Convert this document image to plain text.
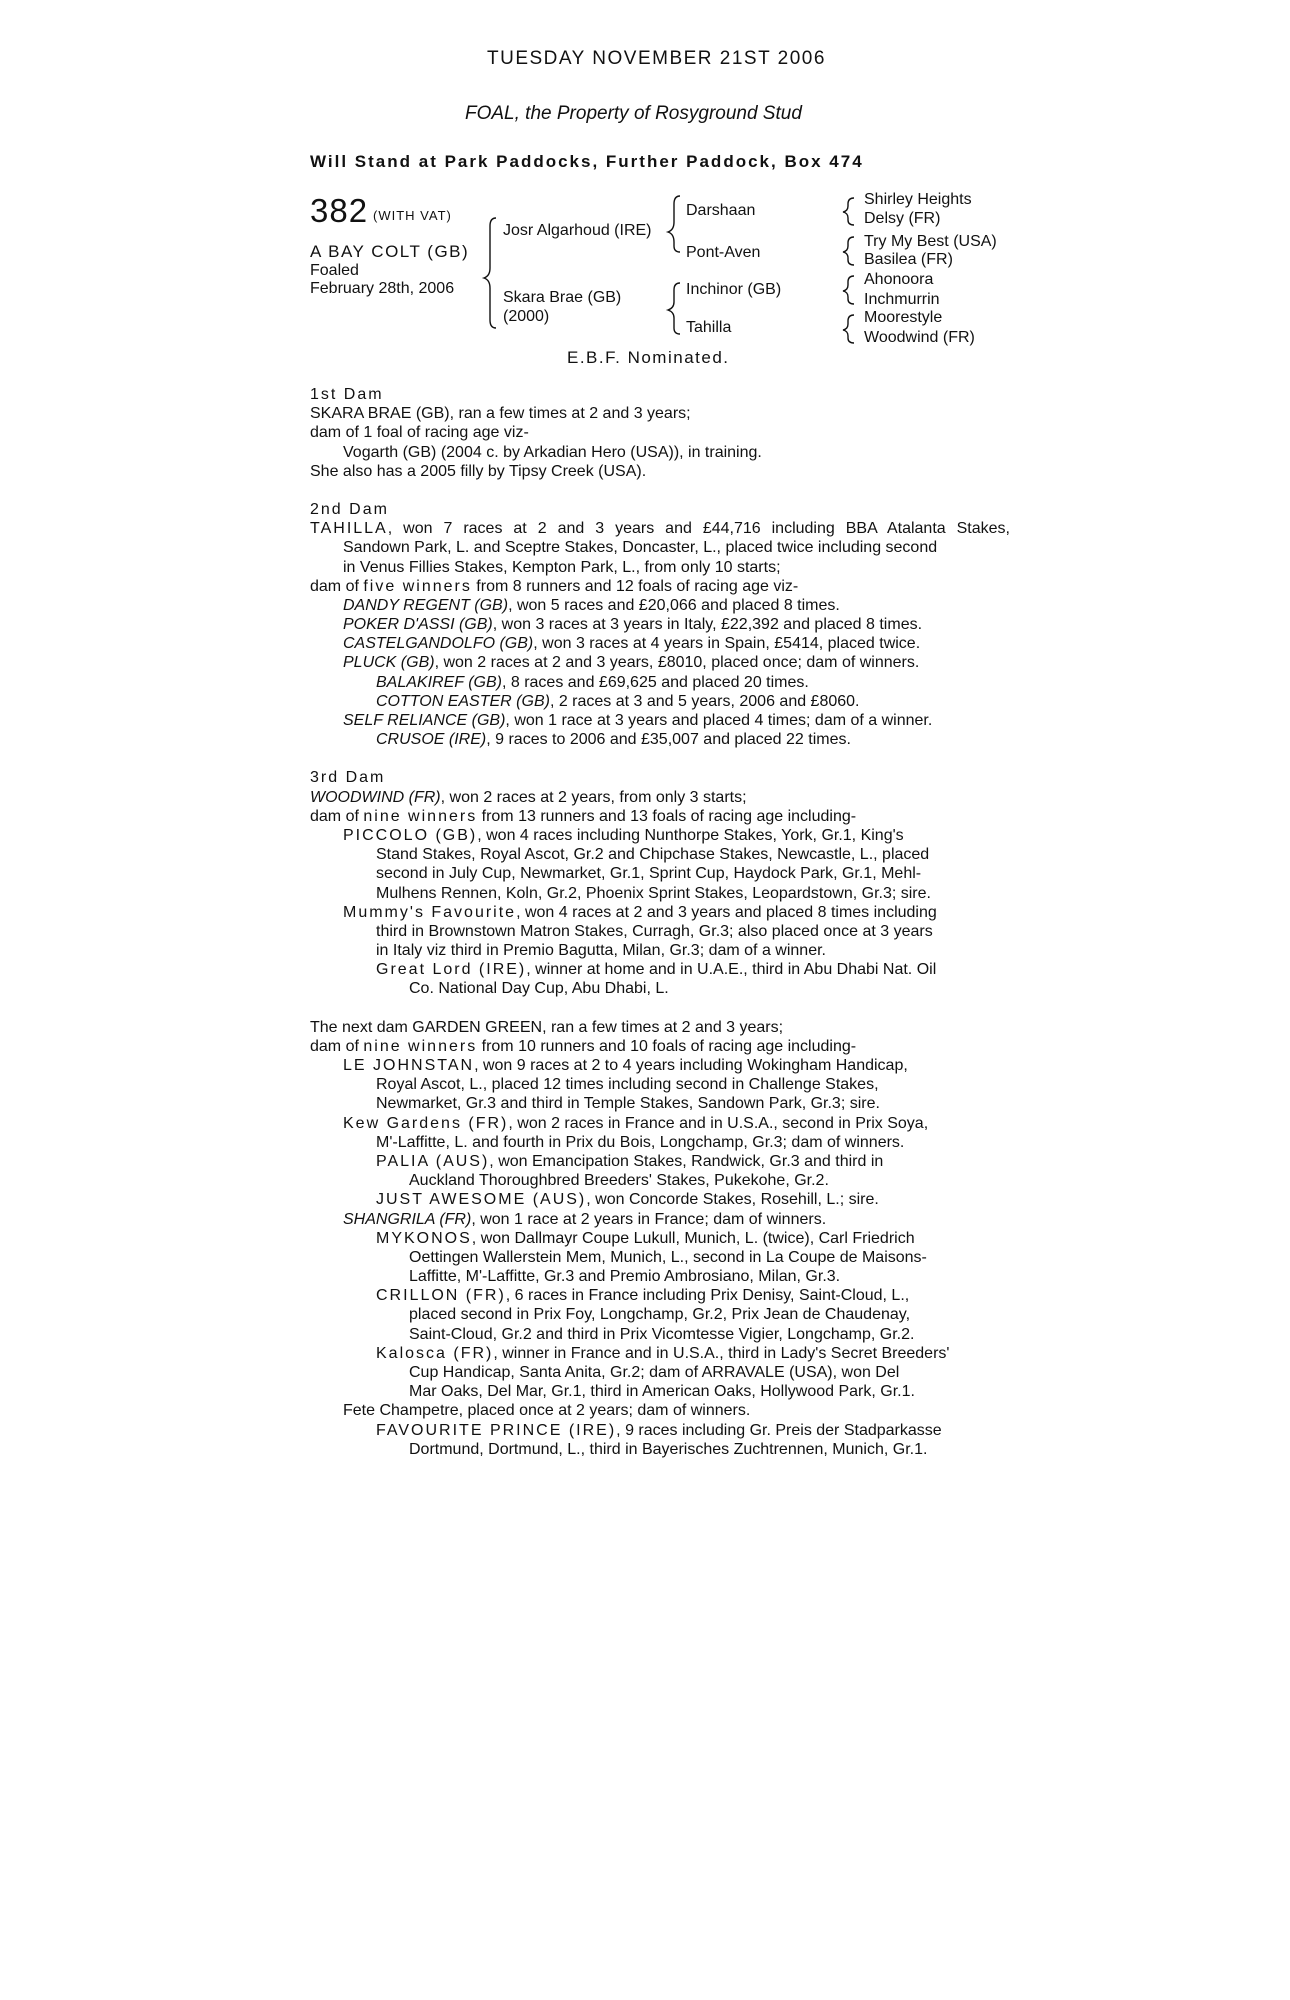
TUESDAY NOVEMBER 21ST 2006
FOAL, the Property of Rosyground Stud
Will Stand at Park Paddocks, Further Paddock, Box 474
382 (WITH VAT)
A BAY COLT (GB)
Foaled
February 28th, 2006
Josr Algarhoud (IRE)
Skara Brae (GB)
(2000)
Darshaan
Pont-Aven
Inchinor (GB)
Tahilla
Shirley Heights
Delsy (FR)
Try My Best (USA)
Basilea (FR)
Ahonoora
Inchmurrin
Moorestyle
Woodwind (FR)
E.B.F. Nominated.
1st Dam
SKARA BRAE (GB), ran a few times at 2 and 3 years;
dam of 1 foal of racing age viz-
Vogarth (GB) (2004 c. by Arkadian Hero (USA)), in training.
She also has a 2005 filly by Tipsy Creek (USA).
2nd Dam
TAHILLA, won 7 races at 2 and 3 years and £44,716 including BBA Atalanta Stakes,
Sandown Park, L. and Sceptre Stakes, Doncaster, L., placed twice including second
in Venus Fillies Stakes, Kempton Park, L., from only 10 starts;
dam of five winners from 8 runners and 12 foals of racing age viz-
DANDY REGENT (GB), won 5 races and £20,066 and placed 8 times.
POKER D'ASSI (GB), won 3 races at 3 years in Italy, £22,392 and placed 8 times.
CASTELGANDOLFO (GB), won 3 races at 4 years in Spain, £5414, placed twice.
PLUCK (GB), won 2 races at 2 and 3 years, £8010, placed once; dam of winners.
BALAKIREF (GB), 8 races and £69,625 and placed 20 times.
COTTON EASTER (GB), 2 races at 3 and 5 years, 2006 and £8060.
SELF RELIANCE (GB), won 1 race at 3 years and placed 4 times; dam of a winner.
CRUSOE (IRE), 9 races to 2006 and £35,007 and placed 22 times.
3rd Dam
WOODWIND (FR), won 2 races at 2 years, from only 3 starts;
dam of nine winners from 13 runners and 13 foals of racing age including-
PICCOLO (GB), won 4 races including Nunthorpe Stakes, York, Gr.1, King's
Stand Stakes, Royal Ascot, Gr.2 and Chipchase Stakes, Newcastle, L., placed
second in July Cup, Newmarket, Gr.1, Sprint Cup, Haydock Park, Gr.1, Mehl-
Mulhens Rennen, Koln, Gr.2, Phoenix Sprint Stakes, Leopardstown, Gr.3; sire.
Mummy's Favourite, won 4 races at 2 and 3 years and placed 8 times including
third in Brownstown Matron Stakes, Curragh, Gr.3; also placed once at 3 years
in Italy viz third in Premio Bagutta, Milan, Gr.3; dam of a winner.
Great Lord (IRE), winner at home and in U.A.E., third in Abu Dhabi Nat. Oil
Co. National Day Cup, Abu Dhabi, L.
The next dam GARDEN GREEN, ran a few times at 2 and 3 years;
dam of nine winners from 10 runners and 10 foals of racing age including-
LE JOHNSTAN, won 9 races at 2 to 4 years including Wokingham Handicap,
Royal Ascot, L., placed 12 times including second in Challenge Stakes,
Newmarket, Gr.3 and third in Temple Stakes, Sandown Park, Gr.3; sire.
Kew Gardens (FR), won 2 races in France and in U.S.A., second in Prix Soya,
M'-Laffitte, L. and fourth in Prix du Bois, Longchamp, Gr.3; dam of winners.
PALIA (AUS), won Emancipation Stakes, Randwick, Gr.3 and third in
Auckland Thoroughbred Breeders' Stakes, Pukekohe, Gr.2.
JUST AWESOME (AUS), won Concorde Stakes, Rosehill, L.; sire.
SHANGRILA (FR), won 1 race at 2 years in France; dam of winners.
MYKONOS, won Dallmayr Coupe Lukull, Munich, L. (twice), Carl Friedrich
Oettingen Wallerstein Mem, Munich, L., second in La Coupe de Maisons-
Laffitte, M'-Laffitte, Gr.3 and Premio Ambrosiano, Milan, Gr.3.
CRILLON (FR), 6 races in France including Prix Denisy, Saint-Cloud, L.,
placed second in Prix Foy, Longchamp, Gr.2, Prix Jean de Chaudenay,
Saint-Cloud, Gr.2 and third in Prix Vicomtesse Vigier, Longchamp, Gr.2.
Kalosca (FR), winner in France and in U.S.A., third in Lady's Secret Breeders'
Cup Handicap, Santa Anita, Gr.2; dam of ARRAVALE (USA), won Del
Mar Oaks, Del Mar, Gr.1, third in American Oaks, Hollywood Park, Gr.1.
Fete Champetre, placed once at 2 years; dam of winners.
FAVOURITE PRINCE (IRE), 9 races including Gr. Preis der Stadparkasse
Dortmund, Dortmund, L., third in Bayerisches Zuchtrennen, Munich, Gr.1.
